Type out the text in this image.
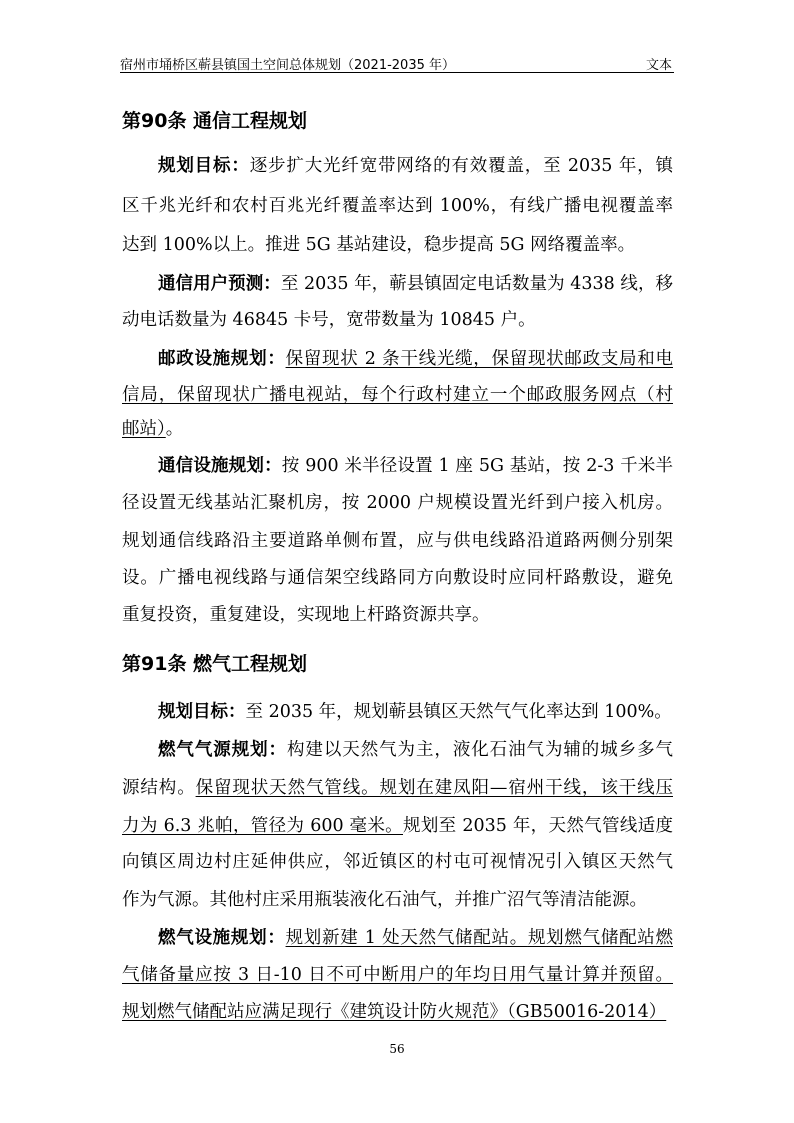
宿州市埇桥区蕲县镇国土空间总体规划（2021-2035 年）	文本
第90条 通信工程规划
规划目标：逐步扩大光纤宽带网络的有效覆盖，至 2035 年，镇
区千兆光纤和农村百兆光纤覆盖率达到 100%，有线广播电视覆盖率
达到 100%以上。推进 5G 基站建设，稳步提高 5G 网络覆盖率。
通信用户预测：至 2035 年，蕲县镇固定电话数量为 4338 线，移
动电话数量为 46845 卡号，宽带数量为 10845 户。
邮政设施规划：保留现状 2 条干线光缆，保留现状邮政支局和电
信局，保留现状广播电视站，每个行政村建立一个邮政服务网点（村
邮站）。
通信设施规划：按 900 米半径设置 1 座 5G 基站，按 2-3 千米半
径设置无线基站汇聚机房，按 2000 户规模设置光纤到户接入机房。
规划通信线路沿主要道路单侧布置，应与供电线路沿道路两侧分别架
设。广播电视线路与通信架空线路同方向敷设时应同杆路敷设，避免
重复投资，重复建设，实现地上杆路资源共享。
第91条 燃气工程规划
规划目标：至 2035 年，规划蕲县镇区天然气气化率达到 100%。
燃气气源规划：构建以天然气为主，液化石油气为辅的城乡多气
源结构。保留现状天然气管线。规划在建凤阳—宿州干线，该干线压
力为 6.3 兆帕，管径为 600 毫米。规划至 2035 年，天然气管线适度
向镇区周边村庄延伸供应，邻近镇区的村屯可视情况引入镇区天然气
作为气源。其他村庄采用瓶装液化石油气，并推广沼气等清洁能源。
燃气设施规划：规划新建 1 处天然气储配站。规划燃气储配站燃
气储备量应按 3 日-10 日不可中断用户的年均日用气量计算并预留。
规划燃气储配站应满足现行《建筑设计防火规范》（GB50016-2014）
56
